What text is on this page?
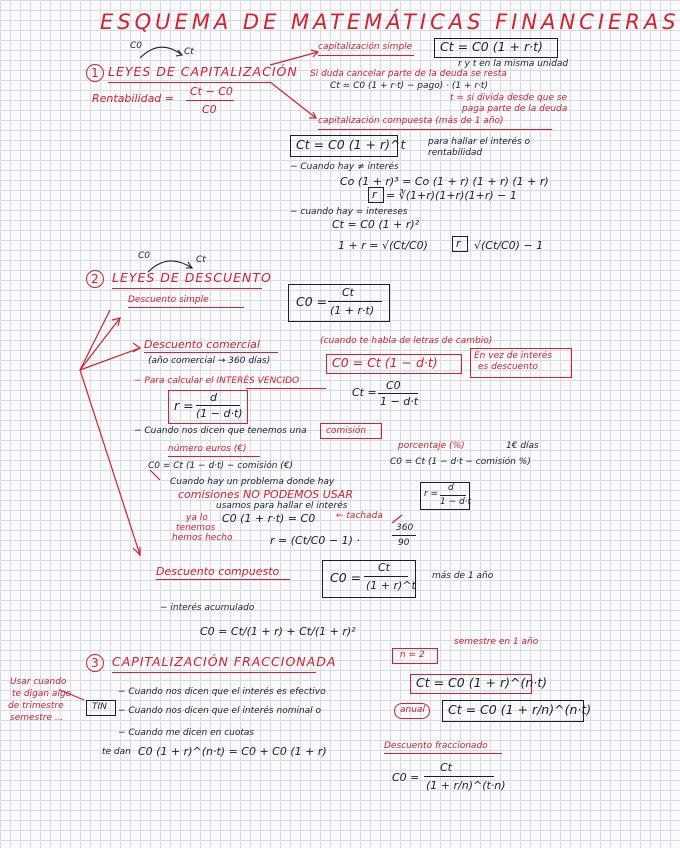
ESQUEMA DE MATEMÁTICAS FINANCIERAS
C0
Ct
1 LEYES DE CAPITALIZACIÓN
Rentabilidad =
Ct − C0
C0
capitalización simple Ct = C0 (1 + r·t)
r y t en la misma unidad
Si duda cancelar parte de la deuda se resta
Ct = C0 (1 + r·t) − pago) · (1 + r·t)
t = si divida desde que se
paga parte de la deuda
capitalización compuesta (más de 1 año)
Ct = C0 (1 + r)^t	para hallar el interés o
rentabilidad
− Cuando hay ≠ interés
Co (1 + r)³ = Co (1 + r) (1 + r) (1 + r)
r = ∛(1+r)(1+r)(1+r) − 1
− cuando hay = intereses
Ct = C0 (1 + r)²
1 + r = √(Ct/C0)	r √(Ct/C0) − 1
C0	Ct
2	LEYES DE DESCUENTO
Descuento simple	C0 =
Ct
(1 + r·t)
Descuento comercial	(cuando te habla de letras de cambio)
(año comercial → 360 días)	C0 = Ct (1 − d·t)	En vez de interés
es descuento
− Para calcular el INTERÉS VENCIDO
Ct =
C0
1 − d·t
r =
d
(1 − d·t)
− Cuando nos dicen que tenemos una comisión
número euros (€)
C0 = Ct (1 − d·t) − comisión (€)
porcentaje (%)	1€ días
C0 = Ct (1 − d·t − comisión %)
Cuando hay un problema donde hay
comisiones NO PODEMOS USAR	r =
d
1 − d·t
usamos para hallar el interés
ya lo
tenemos
C0 (1 + r·t) = C0 ← tachada
hemos hecho	r = (Ct/C0 − 1) ·
360
90
Descuento compuesto	C0 =
Ct
(1 + r)^t
más de 1 año
− interés acumulado
C0 = Ct/(1 + r) + Ct/(1 + r)²
3	CAPITALIZACIÓN FRACCIONADA
Usar cuando
te digan algo
de trimestre
semestre ...
TIN
semestre en 1 año
n = 2
− Cuando nos dicen que el interés es efectivo
Ct = C0 (1 + r)^(n·t)
− Cuando nos dicen que el interés nominal o	anual Ct = C0 (1 + r/n)^(n·t)
− Cuando me dicen en cuotas
te dan C0 (1 + r)^(n·t) = C0 + C0 (1 + r)	Descuento fraccionado
C0 =
Ct
(1 + r/n)^(t·n)
